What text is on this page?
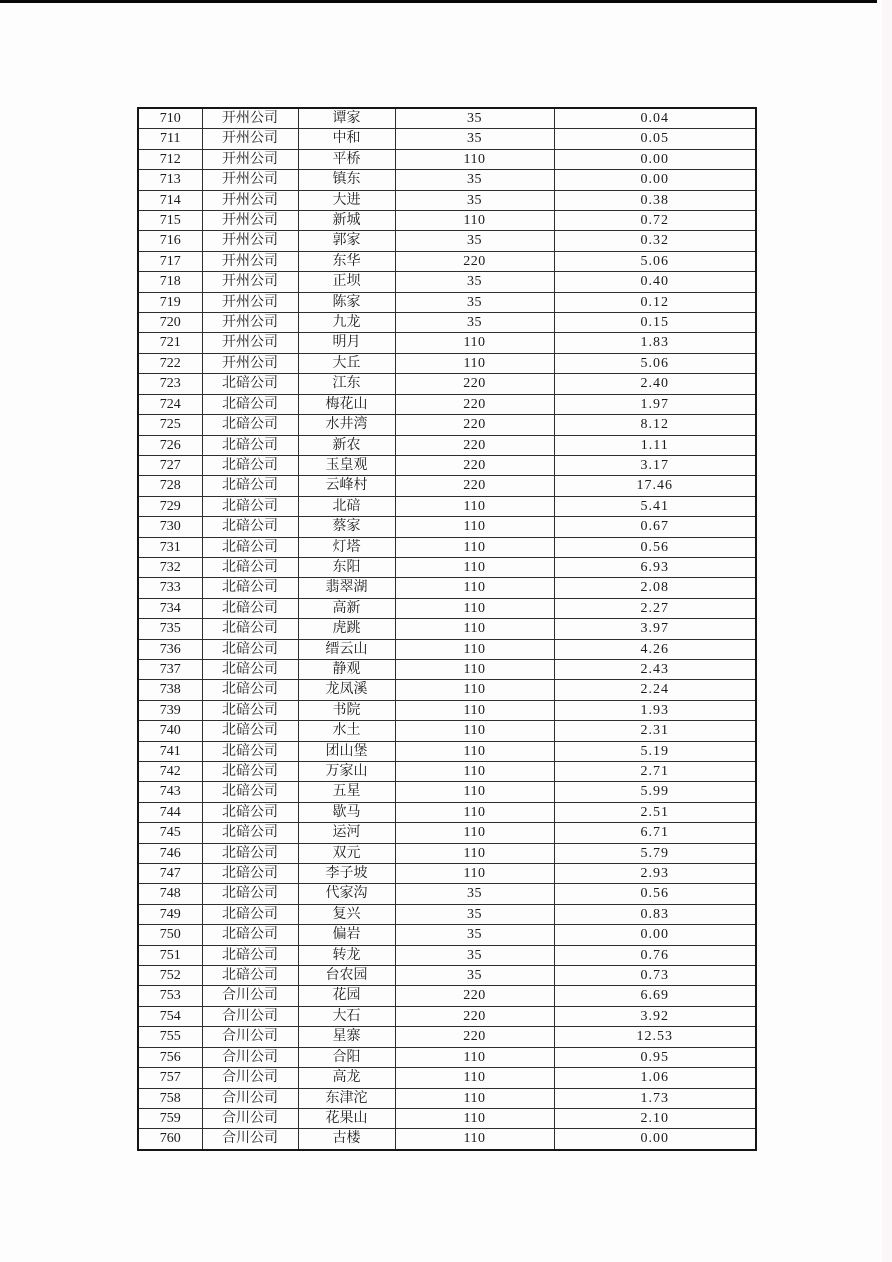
710	开州公司	谭家	35	0.04
711	开州公司	中和	35	0.05
712	开州公司	平桥	110	0.00
713	开州公司	镇东	35	0.00
714	开州公司	大进	35	0.38
715	开州公司	新城	110	0.72
716	开州公司	郭家	35	0.32
717	开州公司	东华	220	5.06
718	开州公司	正坝	35	0.40
719	开州公司	陈家	35	0.12
720	开州公司	九龙	35	0.15
721	开州公司	明月	110	1.83
722	开州公司	大丘	110	5.06
723	北碚公司	江东	220	2.40
724	北碚公司	梅花山	220	1.97
725	北碚公司	水井湾	220	8.12
726	北碚公司	新农	220	1.11
727	北碚公司	玉皇观	220	3.17
728	北碚公司	云峰村	220	17.46
729	北碚公司	北碚	110	5.41
730	北碚公司	蔡家	110	0.67
731	北碚公司	灯塔	110	0.56
732	北碚公司	东阳	110	6.93
733	北碚公司	翡翠湖	110	2.08
734	北碚公司	高新	110	2.27
735	北碚公司	虎跳	110	3.97
736	北碚公司	缙云山	110	4.26
737	北碚公司	静观	110	2.43
738	北碚公司	龙凤溪	110	2.24
739	北碚公司	书院	110	1.93
740	北碚公司	水土	110	2.31
741	北碚公司	团山堡	110	5.19
742	北碚公司	万家山	110	2.71
743	北碚公司	五星	110	5.99
744	北碚公司	歇马	110	2.51
745	北碚公司	运河	110	6.71
746	北碚公司	双元	110	5.79
747	北碚公司	李子坡	110	2.93
748	北碚公司	代家沟	35	0.56
749	北碚公司	复兴	35	0.83
750	北碚公司	偏岩	35	0.00
751	北碚公司	转龙	35	0.76
752	北碚公司	台农园	35	0.73
753	合川公司	花园	220	6.69
754	合川公司	大石	220	3.92
755	合川公司	星寨	220	12.53
756	合川公司	合阳	110	0.95
757	合川公司	高龙	110	1.06
758	合川公司	东津沱	110	1.73
759	合川公司	花果山	110	2.10
760	合川公司	古楼	110	0.00
